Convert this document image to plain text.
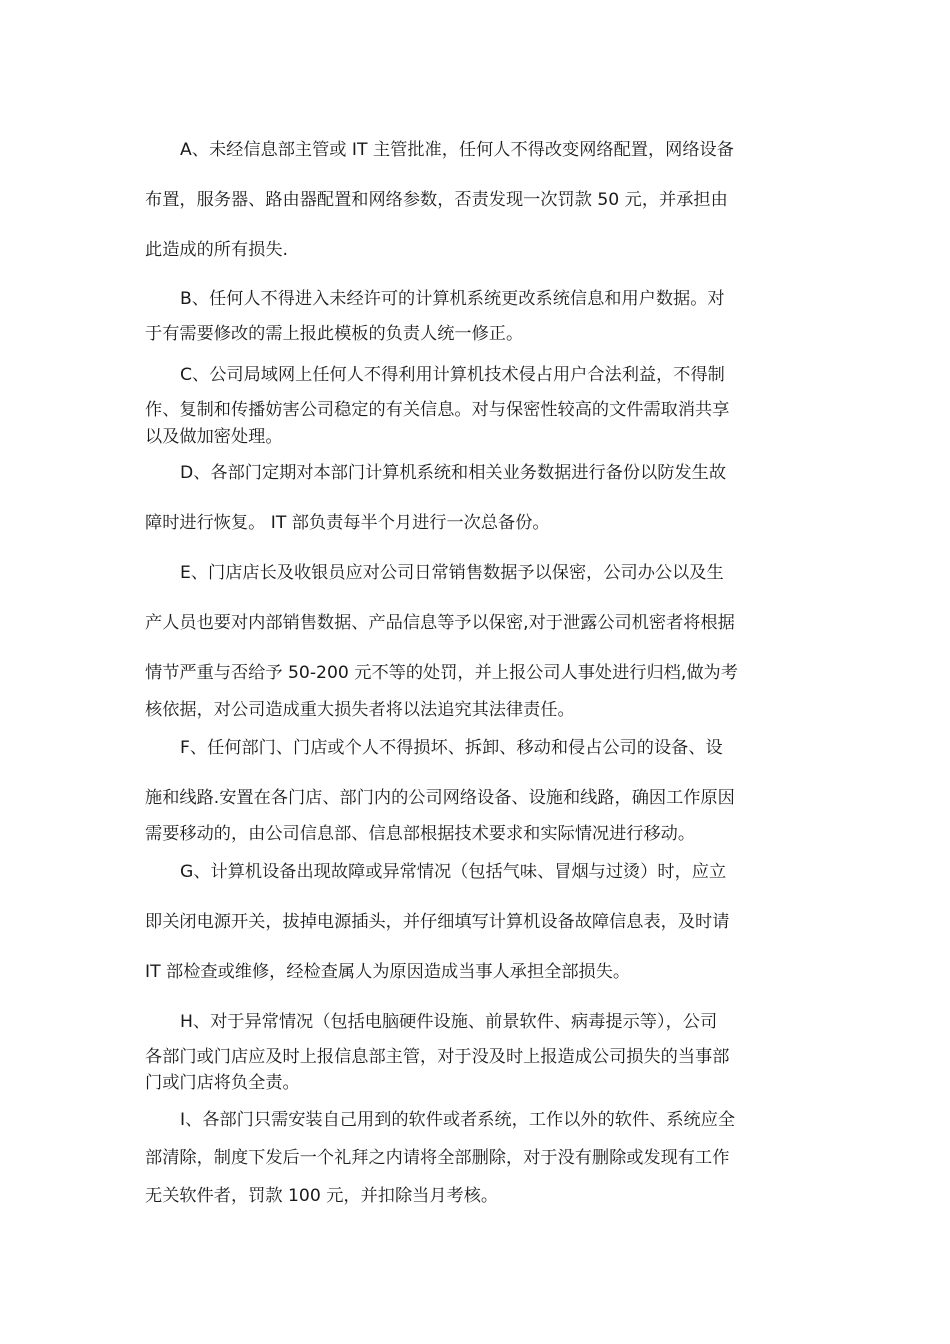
A、未经信息部主管或 IT 主管批准，任何人不得改变网络配置，网络设备
布置，服务器、路由器配置和网络参数，否责发现一次罚款 50 元，并承担由
此造成的所有损失.
B、任何人不得进入未经许可的计算机系统更改系统信息和用户数据。对
于有需要修改的需上报此模板的负责人统一修正。
C、公司局域网上任何人不得利用计算机技术侵占用户合法利益，不得制
作、复制和传播妨害公司稳定的有关信息。对与保密性较高的文件需取消共享
以及做加密处理。
D、各部门定期对本部门计算机系统和相关业务数据进行备份以防发生故
障时进行恢复。 IT 部负责每半个月进行一次总备份。
E、门店店长及收银员应对公司日常销售数据予以保密，公司办公以及生
产人员也要对内部销售数据、产品信息等予以保密,对于泄露公司机密者将根据
情节严重与否给予 50-200 元不等的处罚，并上报公司人事处进行归档,做为考
核依据，对公司造成重大损失者将以法追究其法律责任。
F、任何部门、门店或个人不得损坏、拆卸、移动和侵占公司的设备、设
施和线路.安置在各门店、部门内的公司网络设备、设施和线路，确因工作原因
需要移动的，由公司信息部、信息部根据技术要求和实际情况进行移动。
G、计算机设备出现故障或异常情况（包括气味、冒烟与过烫）时，应立
即关闭电源开关，拔掉电源插头，并仔细填写计算机设备故障信息表，及时请
IT 部检查或维修，经检查属人为原因造成当事人承担全部损失。
H、对于异常情况（包括电脑硬件设施、前景软件、病毒提示等），公司
各部门或门店应及时上报信息部主管，对于没及时上报造成公司损失的当事部
门或门店将负全责。
I、各部门只需安装自己用到的软件或者系统，工作以外的软件、系统应全
部清除，制度下发后一个礼拜之内请将全部删除，对于没有删除或发现有工作
无关软件者，罚款 100 元，并扣除当月考核。
